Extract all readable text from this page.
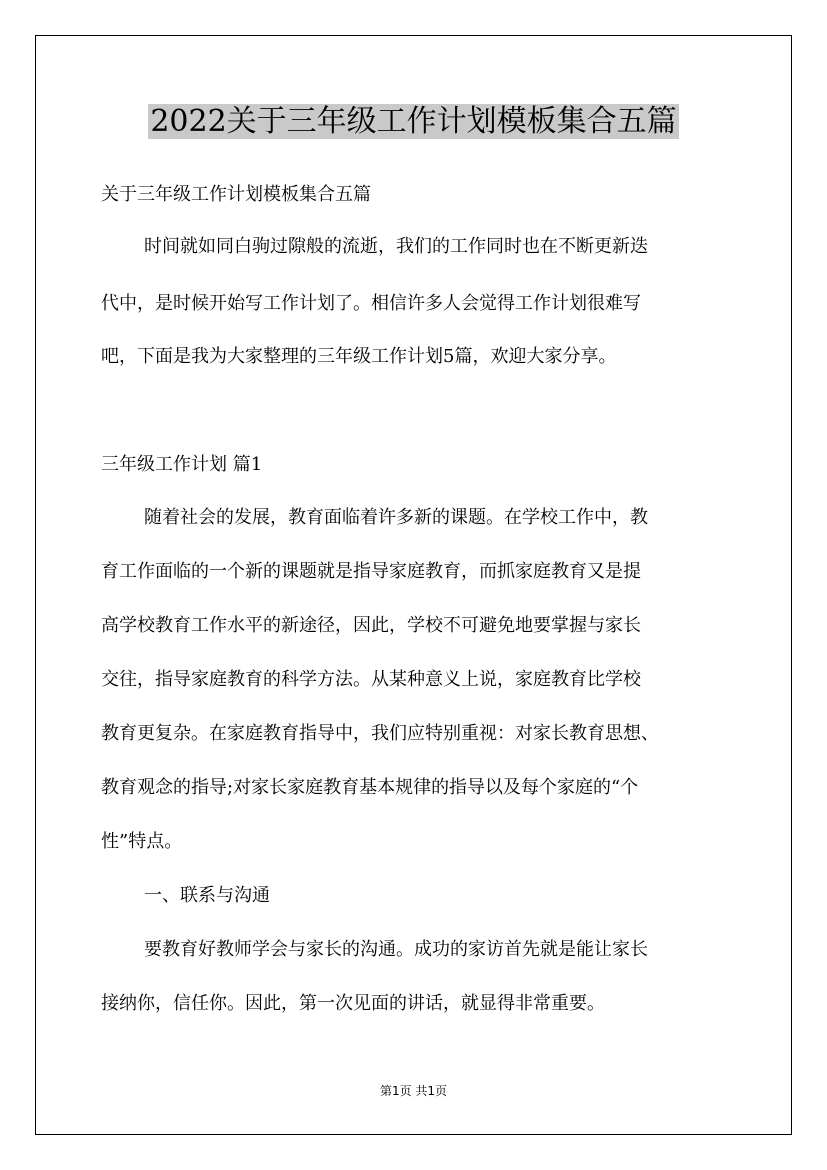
2022关于三年级工作计划模板集合五篇
关于三年级工作计划模板集合五篇
时间就如同白驹过隙般的流逝，我们的工作同时也在不断更新迭
代中，是时候开始写工作计划了。相信许多人会觉得工作计划很难写
吧，下面是我为大家整理的三年级工作计划5篇，欢迎大家分享。
三年级工作计划 篇1
随着社会的发展，教育面临着许多新的课题。在学校工作中，教
育工作面临的一个新的课题就是指导家庭教育，而抓家庭教育又是提
高学校教育工作水平的新途径，因此，学校不可避免地要掌握与家长
交往，指导家庭教育的科学方法。从某种意义上说，家庭教育比学校
教育更复杂。在家庭教育指导中，我们应特别重视：对家长教育思想、
教育观念的指导;对家长家庭教育基本规律的指导以及每个家庭的“个
性”特点。
一、联系与沟通
要教育好教师学会与家长的沟通。成功的家访首先就是能让家长
接纳你，信任你。因此，第一次见面的讲话，就显得非常重要。
第1页 共1页
